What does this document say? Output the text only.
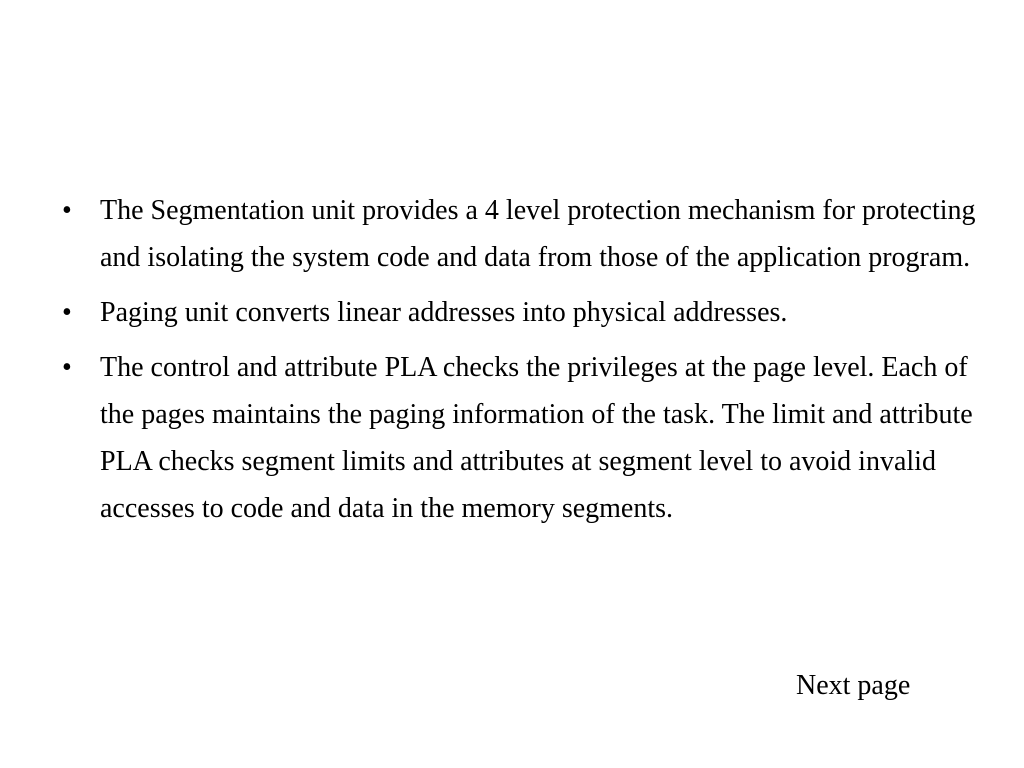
• The Segmentation unit provides a 4 level protection mechanism for protecting and isolating the system code and data from those of the application program.
• Paging unit converts linear addresses into physical addresses.
• The control and attribute PLA checks the privileges at the page level. Each of the pages maintains the paging information of the task. The limit and attribute PLA checks segment limits and attributes at segment level to avoid invalid accesses to code and data in the memory segments.
Next page
